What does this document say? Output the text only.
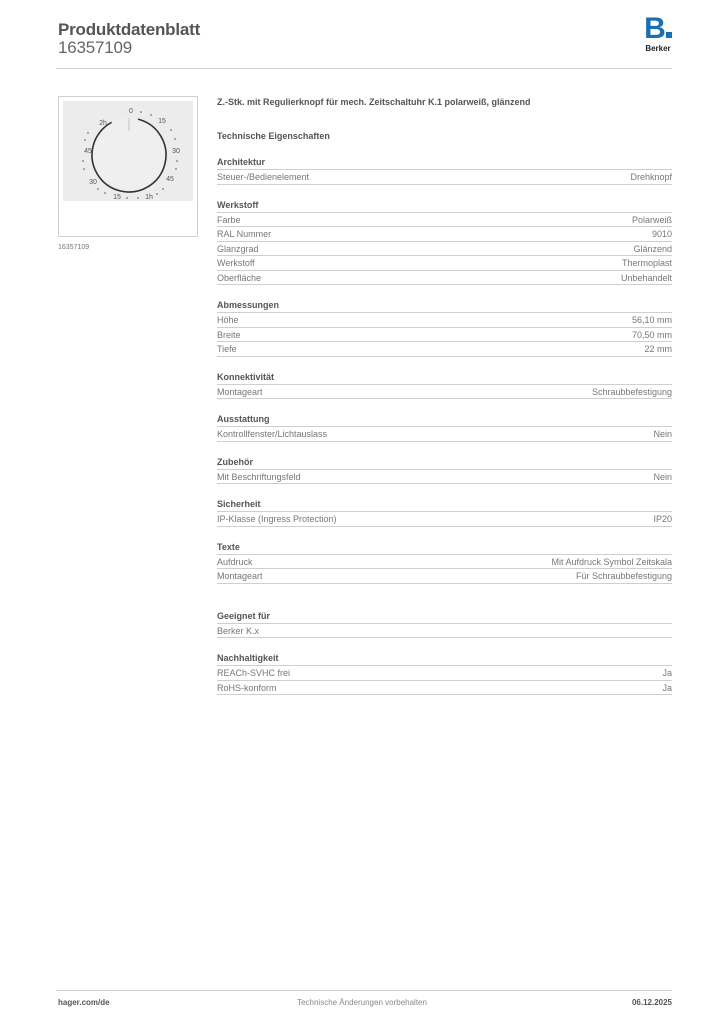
Produktdatenblatt
16357109
B
Berker
0
15
30
45
1h
15
30
45
2h
16357109
Z.-Stk. mit Regulierknopf für mech. Zeitschaltuhr K.1 polarweiß, glänzend
Technische Eigenschaften
Architektur
Steuer-/Bedienelement	Drehknopf
Werkstoff
Farbe	Polarweiß
RAL Nummer	9010
Glanzgrad	Glänzend
Werkstoff	Thermoplast
Oberfläche	Unbehandelt
Abmessungen
Höhe	56,10 mm
Breite	70,50 mm
Tiefe	22 mm
Konnektivität
Montageart	Schraubbefestigung
Ausstattung
Kontrollfenster/Lichtauslass	Nein
Zubehör
Mit Beschriftungsfeld	Nein
Sicherheit
IP-Klasse (Ingress Protection)	IP20
Texte
Aufdruck	Mit Aufdruck Symbol Zeitskala
Montageart	Für Schraubbefestigung
Geeignet für
Berker K.x
Nachhaltigkeit
REACh-SVHC frei	Ja
RoHS-konform	Ja
hager.com/de	Technische Änderungen vorbehalten	06.12.2025
